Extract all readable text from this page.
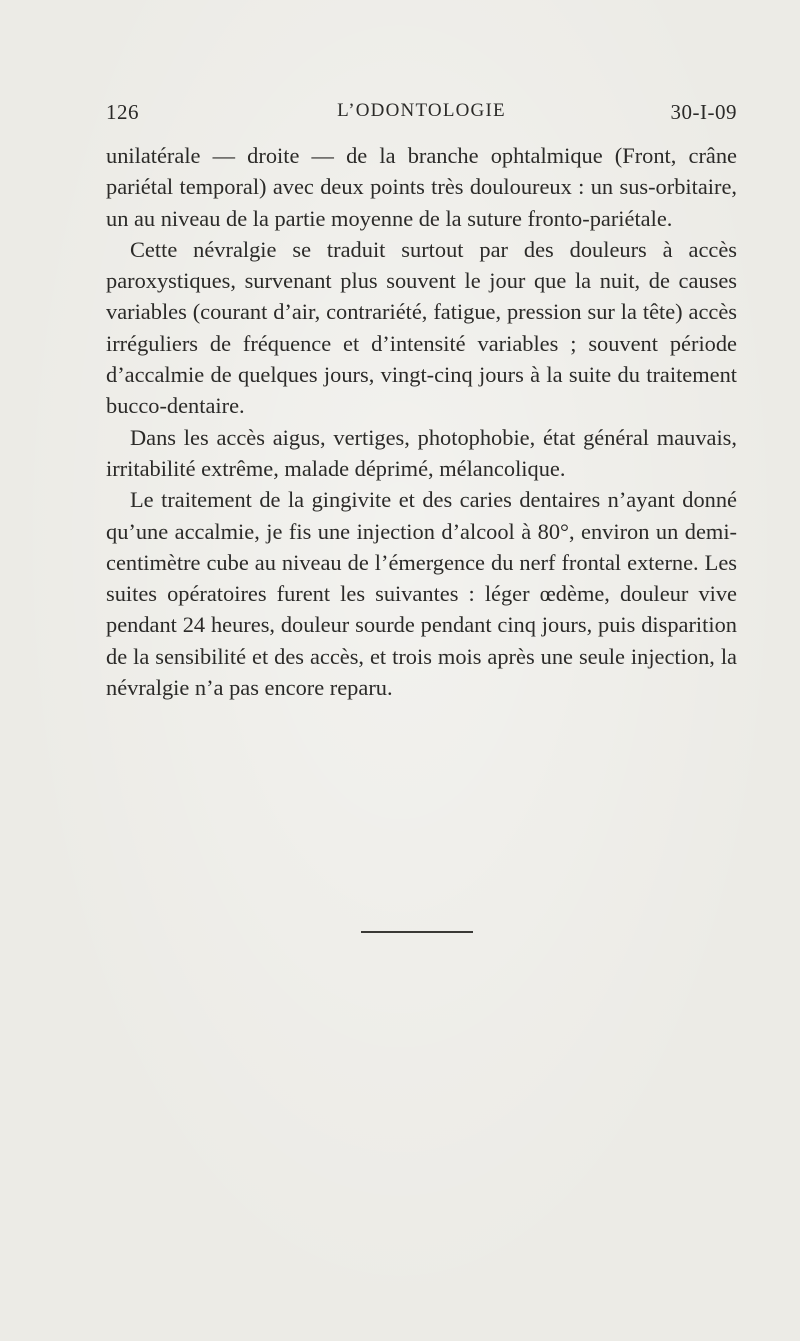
126	L’ODONTOLOGIE	30-I-09

unilatérale — droite — de la branche ophtalmique (Front, crâne pariétal temporal) avec deux points très douloureux : un sus-orbitaire, un au niveau de la partie moyenne de la suture fronto-pariétale.

Cette névralgie se traduit surtout par des douleurs à accès paroxystiques, survenant plus souvent le jour que la nuit, de causes variables (courant d’air, contrariété, fatigue, pression sur la tête) accès irréguliers de fréquence et d’intensité variables ; souvent période d’accalmie de quelques jours, vingt-cinq jours à la suite du traitement bucco-dentaire.

Dans les accès aigus, vertiges, photophobie, état général mauvais, irritabilité extrême, malade déprimé, mélancolique.

Le traitement de la gingivite et des caries dentaires n’ayant donné qu’une accalmie, je fis une injection d’alcool à 80°, environ un demi-centimètre cube au niveau de l’émergence du nerf frontal externe. Les suites opératoires furent les suivantes : léger œdème, douleur vive pendant 24 heures, douleur sourde pendant cinq jours, puis disparition de la sensibilité et des accès, et trois mois après une seule injection, la névralgie n’a pas encore reparu.
